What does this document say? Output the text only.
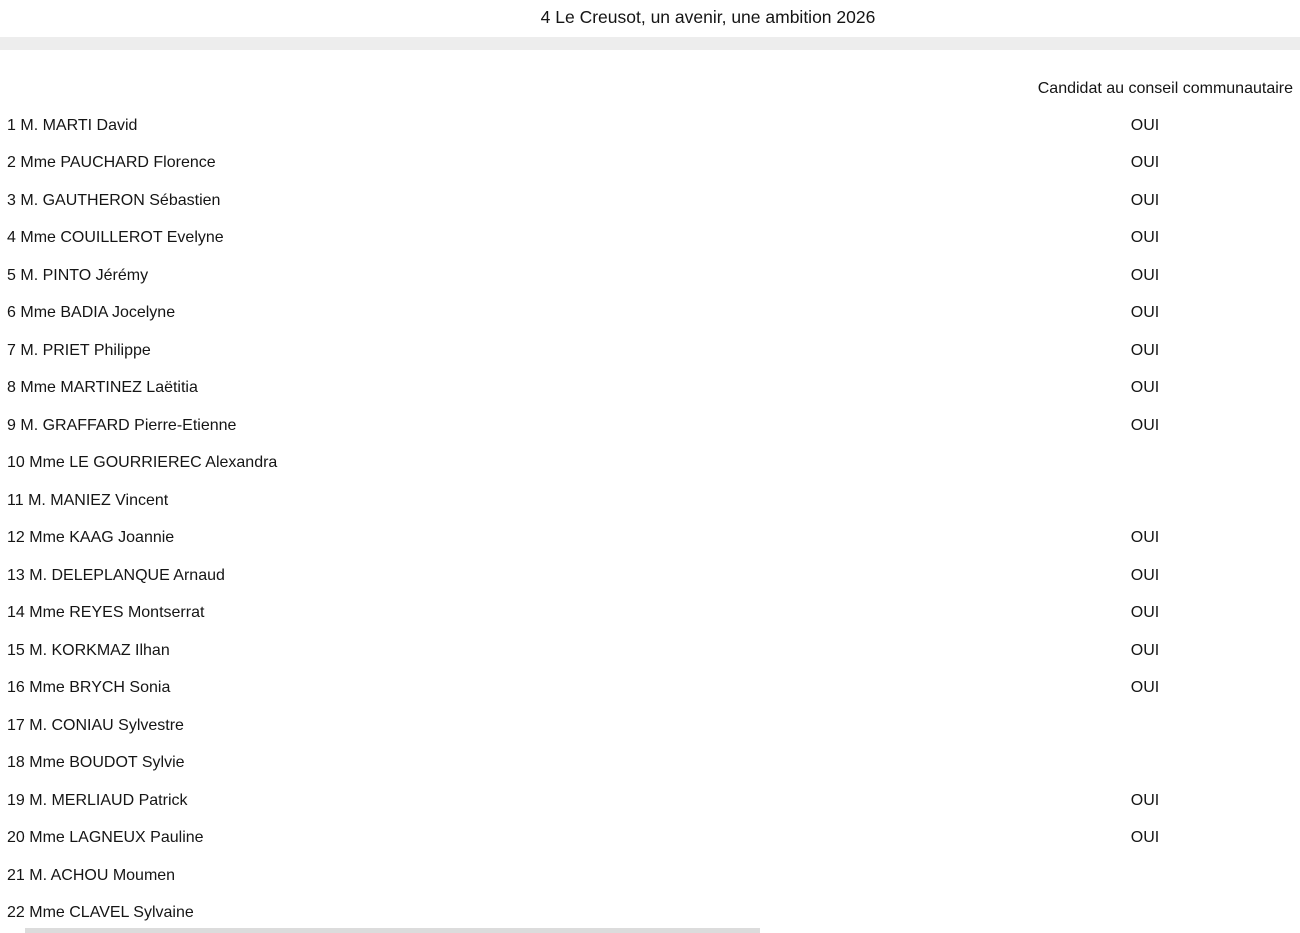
4 Le Creusot, un avenir, une ambition 2026
Candidat au conseil communautaire
1 M. MARTI David	OUI
2 Mme PAUCHARD Florence	OUI
3 M. GAUTHERON Sébastien	OUI
4 Mme COUILLEROT Evelyne	OUI
5 M. PINTO Jérémy	OUI
6 Mme BADIA Jocelyne	OUI
7 M. PRIET Philippe	OUI
8 Mme MARTINEZ Laëtitia	OUI
9 M. GRAFFARD Pierre-Etienne	OUI
10 Mme LE GOURRIEREC Alexandra
11 M. MANIEZ Vincent
12 Mme KAAG Joannie	OUI
13 M. DELEPLANQUE Arnaud	OUI
14 Mme REYES Montserrat	OUI
15 M. KORKMAZ Ilhan	OUI
16 Mme BRYCH Sonia	OUI
17 M. CONIAU Sylvestre
18 Mme BOUDOT Sylvie
19 M. MERLIAUD Patrick	OUI
20 Mme LAGNEUX Pauline	OUI
21 M. ACHOU Moumen
22 Mme CLAVEL Sylvaine
